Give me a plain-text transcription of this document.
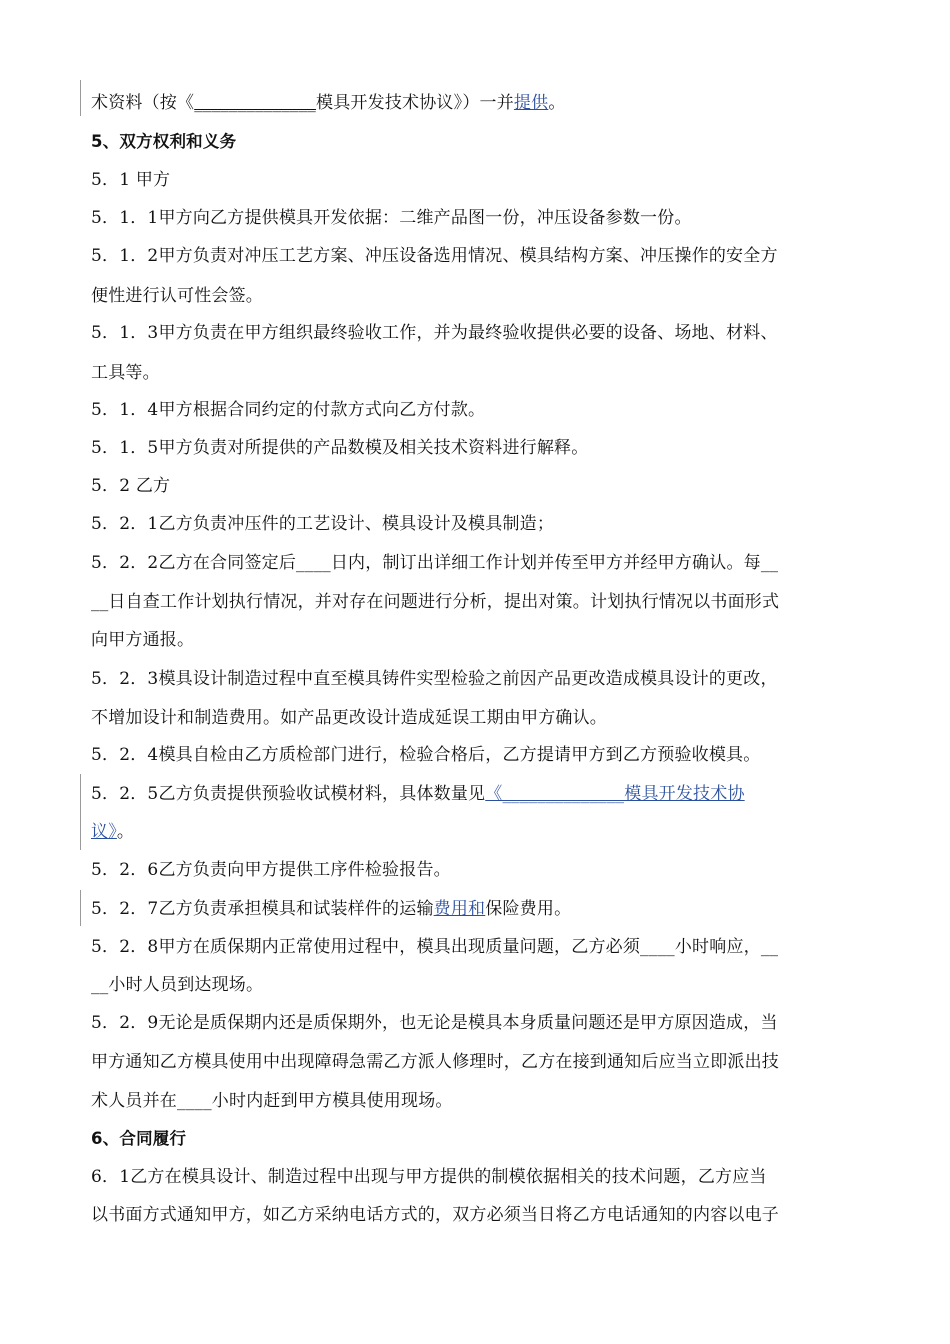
术资料（按《______________模具开发技术协议》）一并提供。
5、双方权利和义务
5．1 甲方
5．1．1甲方向乙方提供模具开发依据：二维产品图一份，冲压设备参数一份。
5．1．2甲方负责对冲压工艺方案、冲压设备选用情况、模具结构方案、冲压操作的安全方
便性进行认可性会签。
5．1．3甲方负责在甲方组织最终验收工作，并为最终验收提供必要的设备、场地、材料、
工具等。
5．1．4甲方根据合同约定的付款方式向乙方付款。
5．1．5甲方负责对所提供的产品数模及相关技术资料进行解释。
5．2 乙方
5．2．1乙方负责冲压件的工艺设计、模具设计及模具制造；
5．2．2乙方在合同签定后____日内，制订出详细工作计划并传至甲方并经甲方确认。每__
__日自查工作计划执行情况，并对存在问题进行分析，提出对策。计划执行情况以书面形式
向甲方通报。
5．2．3模具设计制造过程中直至模具铸件实型检验之前因产品更改造成模具设计的更改，
不增加设计和制造费用。如产品更改设计造成延误工期由甲方确认。
5．2．4模具自检由乙方质检部门进行，检验合格后，乙方提请甲方到乙方预验收模具。
5．2．5乙方负责提供预验收试模材料，具体数量见《______________模具开发技术协
议》。
5．2．6乙方负责向甲方提供工序件检验报告。
5．2．7乙方负责承担模具和试装样件的运输费用和保险费用。
5．2．8甲方在质保期内正常使用过程中，模具出现质量问题，乙方必须____小时响应，__
__小时人员到达现场。
5．2．9无论是质保期内还是质保期外，也无论是模具本身质量问题还是甲方原因造成，当
甲方通知乙方模具使用中出现障碍急需乙方派人修理时，乙方在接到通知后应当立即派出技
术人员并在____小时内赶到甲方模具使用现场。
6、合同履行
6．1乙方在模具设计、制造过程中出现与甲方提供的制模依据相关的技术问题，乙方应当
以书面方式通知甲方，如乙方采纳电话方式的，双方必须当日将乙方电话通知的内容以电子
